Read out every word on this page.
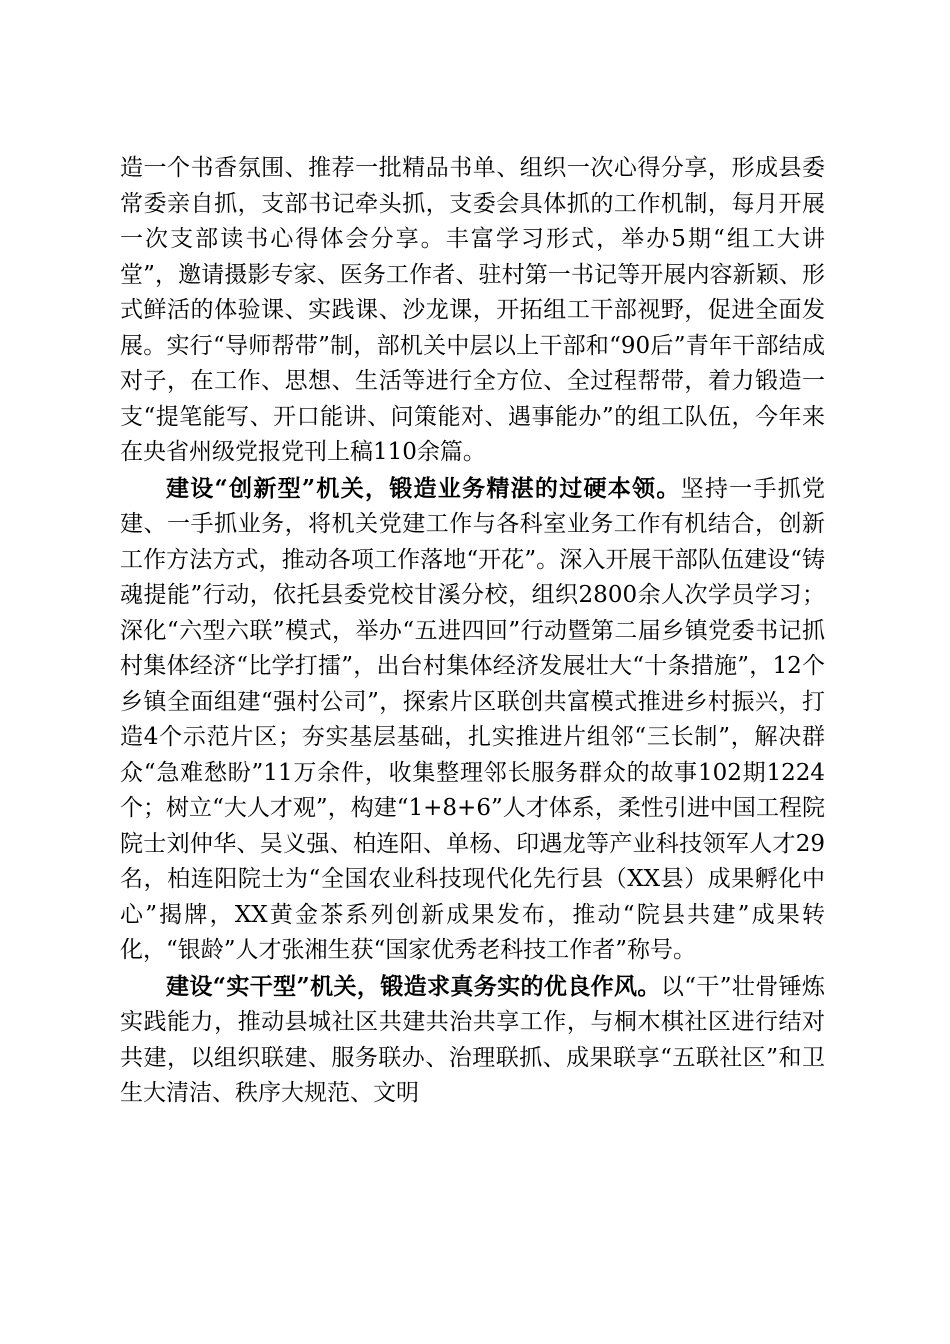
造一个书香氛围、推荐一批精品书单、组织一次心得分享，形成县委常委亲自抓，支部书记牵头抓，支委会具体抓的工作机制，每月开展一次支部读书心得体会分享。丰富学习形式，举办5期“组工大讲堂”，邀请摄影专家、医务工作者、驻村第一书记等开展内容新颖、形式鲜活的体验课、实践课、沙龙课，开拓组工干部视野，促进全面发展。实行“导师帮带”制，部机关中层以上干部和“90后”青年干部结成对子，在工作、思想、生活等进行全方位、全过程帮带，着力锻造一支“提笔能写、开口能讲、问策能对、遇事能办”的组工队伍，今年来在央省州级党报党刊上稿110余篇。

建设“创新型”机关，锻造业务精湛的过硬本领。坚持一手抓党建、一手抓业务，将机关党建工作与各科室业务工作有机结合，创新工作方法方式，推动各项工作落地“开花”。深入开展干部队伍建设“铸魂提能”行动，依托县委党校甘溪分校，组织2800余人次学员学习；深化“六型六联”模式，举办“五进四回”行动暨第二届乡镇党委书记抓村集体经济“比学打擂”，出台村集体经济发展壮大“十条措施”，12个乡镇全面组建“强村公司”，探索片区联创共富模式推进乡村振兴，打造4个示范片区；夯实基层基础，扎实推进片组邻“三长制”，解决群众“急难愁盼”11万余件，收集整理邻长服务群众的故事102期1224个；树立“大人才观”，构建“1+8+6”人才体系，柔性引进中国工程院院士刘仲华、吴义强、柏连阳、单杨、印遇龙等产业科技领军人才29名，柏连阳院士为“全国农业科技现代化先行县（XX县）成果孵化中心”揭牌，XX黄金茶系列创新成果发布，推动“院县共建”成果转化，“银龄”人才张湘生获“国家优秀老科技工作者”称号。

建设“实干型”机关，锻造求真务实的优良作风。以“干”壮骨锤炼实践能力，推动县城社区共建共治共享工作，与桐木棋社区进行结对共建，以组织联建、服务联办、治理联抓、成果联享“五联社区”和卫生大清洁、秩序大规范、文明
